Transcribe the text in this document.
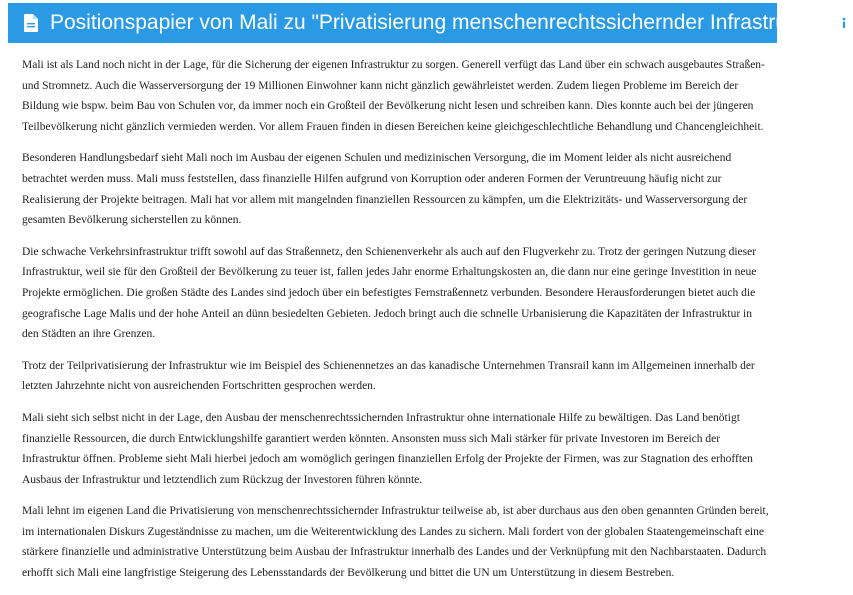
Positionspapier von Mali zu "Privatisierung menschenrechtssichernder Infrastruktur"

Mali ist als Land noch nicht in der Lage, für die Sicherung der eigenen Infrastruktur zu sorgen. Generell verfügt das Land über ein schwach ausgebautes Straßen- und Stromnetz. Auch die Wasserversorgung der 19 Millionen Einwohner kann nicht gänzlich gewährleistet werden. Zudem liegen Probleme im Bereich der Bildung wie bspw. beim Bau von Schulen vor, da immer noch ein Großteil der Bevölkerung nicht lesen und schreiben kann. Dies konnte auch bei der jüngeren Teilbevölkerung nicht gänzlich vermieden werden. Vor allem Frauen finden in diesen Bereichen keine gleichgeschlechtliche Behandlung und Chancengleichheit.

Besonderen Handlungsbedarf sieht Mali noch im Ausbau der eigenen Schulen und medizinischen Versorgung, die im Moment leider als nicht ausreichend betrachtet werden muss. Mali muss feststellen, dass finanzielle Hilfen aufgrund von Korruption oder anderen Formen der Veruntreuung häufig nicht zur Realisierung der Projekte beitragen. Mali hat vor allem mit mangelnden finanziellen Ressourcen zu kämpfen, um die Elektrizitäts- und Wasserversorgung der gesamten Bevölkerung sicherstellen zu können.

Die schwache Verkehrsinfrastruktur trifft sowohl auf das Straßennetz, den Schienenverkehr als auch auf den Flugverkehr zu. Trotz der geringen Nutzung dieser Infrastruktur, weil sie für den Großteil der Bevölkerung zu teuer ist, fallen jedes Jahr enorme Erhaltungskosten an, die dann nur eine geringe Investition in neue Projekte ermöglichen. Die großen Städte des Landes sind jedoch über ein befestigtes Fernstraßennetz verbunden. Besondere Herausforderungen bietet auch die geografische Lage Malis und der hohe Anteil an dünn besiedelten Gebieten. Jedoch bringt auch die schnelle Urbanisierung die Kapazitäten der Infrastruktur in den Städten an ihre Grenzen.

Trotz der Teilprivatisierung der Infrastruktur wie im Beispiel des Schienennetzes an das kanadische Unternehmen Transrail kann im Allgemeinen innerhalb der letzten Jahrzehnte nicht von ausreichenden Fortschritten gesprochen werden.

Mali sieht sich selbst nicht in der Lage, den Ausbau der menschenrechtssichernden Infrastruktur ohne internationale Hilfe zu bewältigen. Das Land benötigt finanzielle Ressourcen, die durch Entwicklungshilfe garantiert werden könnten. Ansonsten muss sich Mali stärker für private Investoren im Bereich der Infrastruktur öffnen. Probleme sieht Mali hierbei jedoch am womöglich geringen finanziellen Erfolg der Projekte der Firmen, was zur Stagnation des erhofften Ausbaus der Infrastruktur und letztendlich zum Rückzug der Investoren führen könnte.

Mali lehnt im eigenen Land die Privatisierung von menschenrechtssichernder Infrastruktur teilweise ab, ist aber durchaus aus den oben genannten Gründen bereit, im internationalen Diskurs Zugeständnisse zu machen, um die Weiterentwicklung des Landes zu sichern. Mali fordert von der globalen Staatengemeinschaft eine stärkere finanzielle und administrative Unterstützung beim Ausbau der Infrastruktur innerhalb des Landes und der Verknüpfung mit den Nachbarstaaten. Dadurch erhofft sich Mali eine langfristige Steigerung des Lebensstandards der Bevölkerung und bittet die UN um Unterstützung in diesem Bestreben.
